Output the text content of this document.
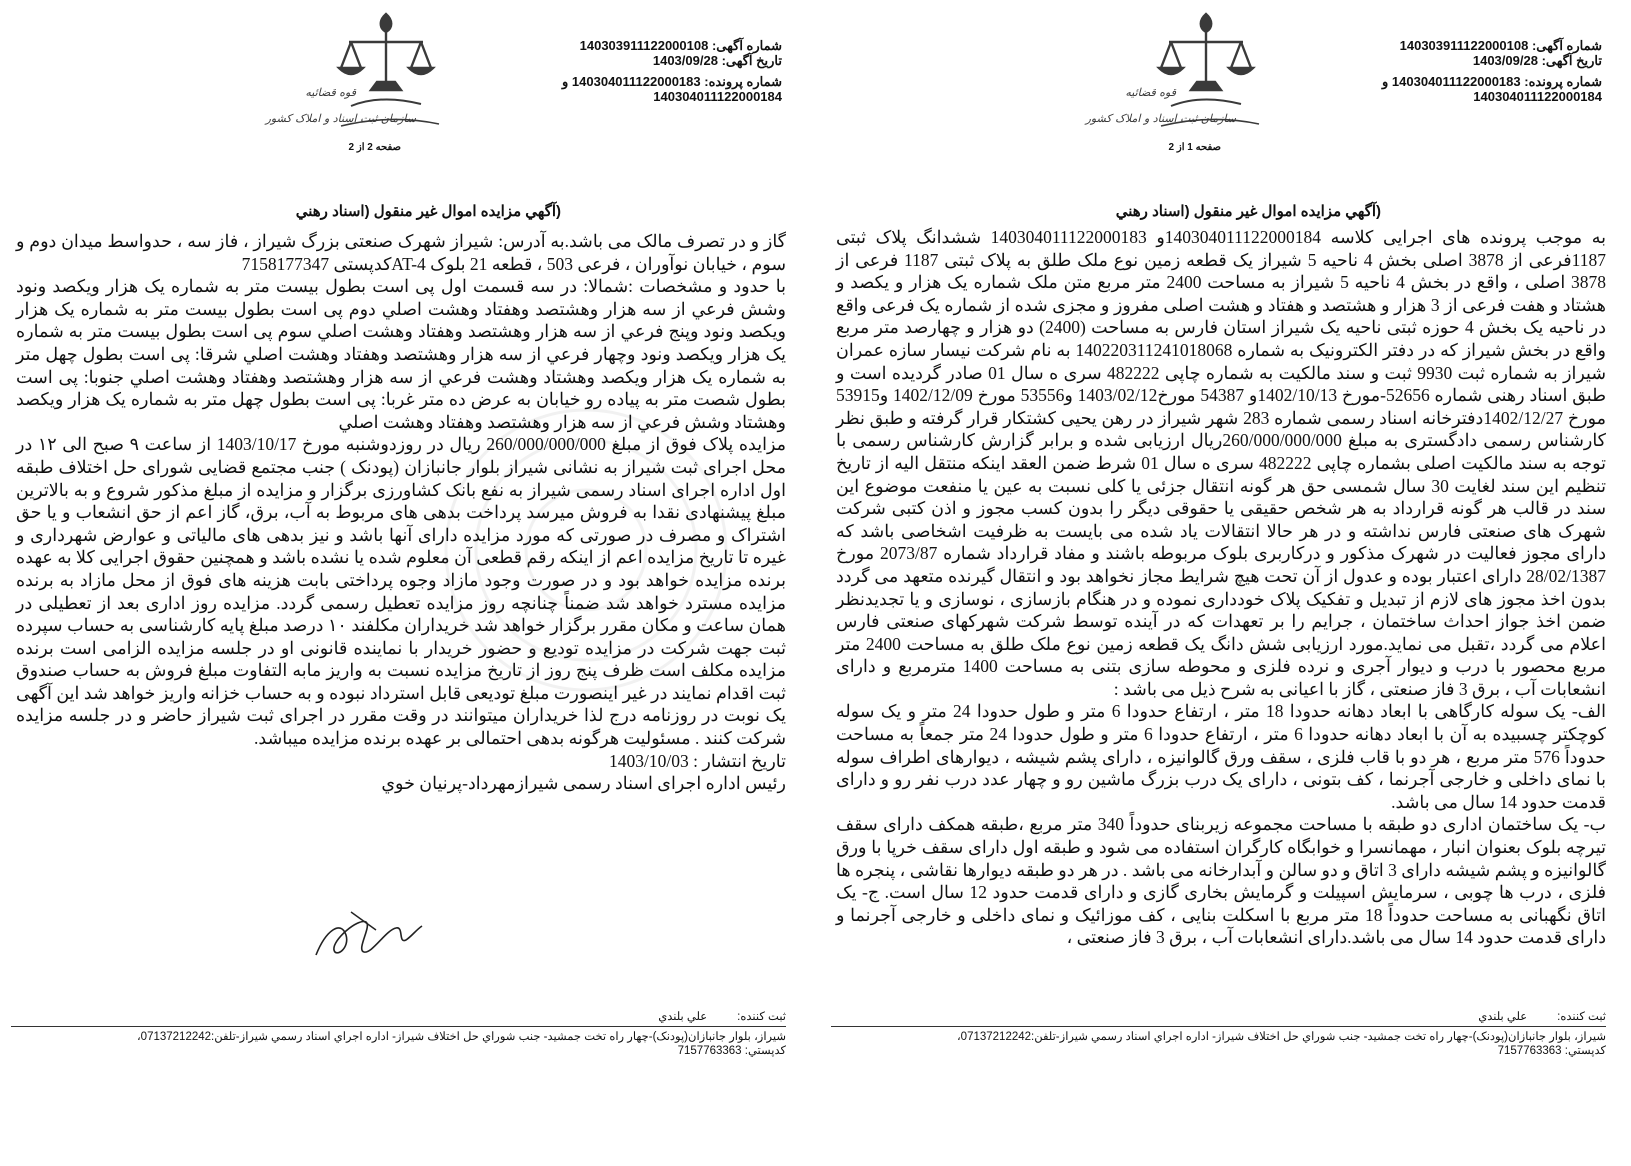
قوه قضائيه
سازمان ثبت اسناد و املاک کشور
شماره آگهی: 140303911122000108
تاريخ آگهی: 1403/09/28
شماره پرونده: 140304011122000183 و
140304011122000184
صفحه 2 از 2
(آگهي مزايده اموال غير منقول (اسناد رهني

گاز و در تصرف مالک می باشد.به آدرس: شيراز شهرک صنعتی بزرگ شيراز ، فاز سه ، حدواسط ميدان دوم و سوم ، خيابان نوآوران ، فرعی 503 ، قطعه 21 بلوک AT-4کدپستی 7158177347

با حدود و مشخصات :شمالا: در سه قسمت اول پی است بطول بيست متر به شماره يک هزار ويکصد ونود وشش فرعي از سه هزار وهشتصد وهفتاد وهشت اصلي دوم پی است بطول بيست متر به شماره يک هزار ويکصد ونود وپنج فرعي از سه هزار وهشتصد وهفتاد وهشت اصلي سوم پی است بطول بيست متر به شماره يک هزار ويکصد ونود وچهار فرعي از سه هزار وهشتصد وهفتاد وهشت اصلي شرقا: پی است بطول چهل متر به شماره يک هزار ويکصد وهشتاد وهشت فرعي از سه هزار وهشتصد وهفتاد وهشت اصلي جنوبا: پی است بطول شصت متر به پياده رو خيابان به عرض ده متر غربا: پی است بطول چهل متر به شماره يک هزار ويکصد وهشتاد وشش فرعي از سه هزار وهشتصد وهفتاد وهشت اصلي

مزايده پلاک فوق از مبلغ 260/000/000/000 ريال در روزدوشنبه مورخ 1403/10/17 از ساعت ۹ صبح الی ۱۲ در محل اجرای ثبت شيراز به نشانی شيراز بلوار جانبازان (پودنک ) جنب مجتمع قضايی شورای حل اختلاف طبقه اول اداره اجرای اسناد رسمی شيراز به نفع بانک کشاورزی برگزار و مزايده از مبلغ مذکور شروع و به بالاترين مبلغ پيشنهادی نقدا به فروش ميرسد پرداخت بدهی های مربوط به آب، برق، گاز اعم از حق انشعاب و يا حق اشتراک و مصرف در صورتی که مورد مزايده دارای آنها باشد و نيز بدهی های مالياتی و عوارض شهرداری و غيره تا تاريخ مزايده اعم از اينکه رقم قطعی آن معلوم شده يا نشده باشد و همچنين حقوق اجرايی کلا به عهده برنده مزايده خواهد بود و در صورت وجود مازاد وجوه پرداختی بابت هزينه های فوق از محل مازاد به برنده مزايده مسترد خواهد شد ضمناً چنانچه روز مزايده تعطيل رسمی گردد. مزايده روز اداری بعد از تعطيلی در همان ساعت و مکان مقرر برگزار خواهد شد خريداران مکلفند ۱۰ درصد مبلغ پايه کارشناسی به حساب سپرده ثبت جهت شرکت در مزايده توديع و حضور خريدار با نماينده قانونی او در جلسه مزايده الزامی است برنده مزايده مکلف است ظرف پنج روز از تاريخ مزايده نسبت به واريز مابه التفاوت مبلغ فروش به حساب صندوق ثبت اقدام نمايند در غير اينصورت مبلغ توديعی قابل استرداد نبوده و به حساب خزانه واريز خواهد شد اين آگهی يک نوبت در روزنامه درج لذا خريداران ميتوانند در وقت مقرر در اجرای ثبت شيراز حاضر و در جلسه مزايده شرکت کنند . مسئوليت هرگونه بدهی احتمالی بر عهده برنده مزايده ميباشد.

تاريخ انتشار : 1403/10/03

رئيس اداره اجرای اسناد رسمی شيرازمهرداد-پرنيان خوي

ثبت کننده:
علي بلندي
شيراز، بلوار جانبازان(پودنک)-چهار راه تخت جمشيد- جنب شوراي حل اختلاف شيراز- اداره اجراي اسناد رسمي شيراز-تلفن:07137212242،
كدپستي: 7157763363
قوه قضائيه
سازمان ثبت اسناد و املاک کشور
شماره آگهی: 140303911122000108
تاريخ آگهی: 1403/09/28
شماره پرونده: 140304011122000183 و
140304011122000184
صفحه 1 از 2
(آگهي مزايده اموال غير منقول (اسناد رهني

به موجب پرونده های اجرايی کلاسه 140304011122000184و 140304011122000183 ششدانگ پلاک ثبتی 1187فرعی از 3878 اصلی بخش 4 ناحيه 5 شيراز يک قطعه زمين نوع ملک طلق به پلاک ثبتی 1187 فرعی از 3878 اصلی ، واقع در بخش 4 ناحيه 5 شيراز به مساحت 2400 متر مربع متن ملک شماره يک هزار و يکصد و هشتاد و هفت فرعی از 3 هزار و هشتصد و هفتاد و هشت اصلی مفروز و مجزی شده از شماره يک فرعی واقع در ناحيه يک بخش 4 حوزه ثبتی ناحيه يک شيراز استان فارس به مساحت (2400) دو هزار و چهارصد متر مربع واقع در بخش شيراز که در دفتر الکترونيک به شماره 140220311241018068 به نام شرکت نيسار سازه عمران شيراز به شماره ثبت 9930 ثبت و سند مالکيت به شماره چاپی 482222 سری ه سال 01 صادر گرديده است و طبق اسناد رهنی شماره 52656-مورخ 1402/10/13و 54387 مورخ1403/02/12 و53556 مورخ 1402/12/09 و53915 مورخ 1402/12/27دفترخانه اسناد رسمی شماره 283 شهر شيراز در رهن يحيی کشتکار قرار گرفته و طبق نظر کارشناس رسمی دادگستری به مبلغ 260/000/000/000ريال ارزيابی شده و برابر گزارش کارشناس رسمی با توجه به سند مالکيت اصلی بشماره چاپی 482222 سری ه سال 01 شرط ضمن العقد اينکه منتقل اليه از تاريخ تنظيم اين سند لغايت 30 سال شمسی حق هر گونه انتقال جزئی يا کلی نسبت به عين يا منفعت موضوع اين سند در قالب هر گونه قرارداد به هر شخص حقيقی يا حقوقی ديگر را بدون کسب مجوز و اذن کتبی شرکت شهرک های صنعتی فارس نداشته و در هر حالا انتقالات ياد شده می بايست به ظرفيت اشخاصی باشد که دارای مجوز فعاليت در شهرک مذکور و درکاربری بلوک مربوطه باشند و مفاد قرارداد شماره 2073/87 مورخ 28/02/1387 دارای اعتبار بوده و عدول از آن تحت هيچ شرايط مجاز نخواهد بود و انتقال گيرنده متعهد می گردد بدون اخذ مجوز های لازم از تبديل و تفکيک پلاک خودداری نموده و در هنگام بازسازی ، نوسازی و يا تجديدنظر ضمن اخذ جواز احداث ساختمان ، جرايم را بر تعهدات که در آينده توسط شرکت شهرکهای صنعتی فارس اعلام می گردد ،تقبل می نمايد.مورد ارزيابی شش دانگ يک قطعه زمين نوع ملک طلق به مساحت 2400 متر مربع محصور با درب و ديوار آجری و نرده فلزی و محوطه سازی بتنی به مساحت 1400 مترمربع و دارای انشعابات آب ، برق 3 فاز صنعتی ، گاز با اعيانی به شرح ذيل می باشد :

الف- يک سوله کارگاهی با ابعاد دهانه حدودا 18 متر ، ارتفاع حدودا 6 متر و طول حدودا 24 متر و يک سوله کوچکتر چسبيده به آن با ابعاد دهانه حدودا 6 متر ، ارتفاع حدودا 6 متر و طول حدودا 24 متر جمعاً به مساحت حدوداً 576 متر مربع ، هر دو با قاب فلزی ، سقف ورق گالوانيزه ، دارای پشم شيشه ، ديوارهای اطراف سوله با نمای داخلی و خارجی آجرنما ، کف بتونی ، دارای يک درب بزرگ ماشين رو و چهار عدد درب نفر رو و دارای قدمت حدود 14 سال می باشد.

ب- يک ساختمان اداری دو طبقه با مساحت مجموعه زيربنای حدوداً 340 متر مربع ،طبقه همکف دارای سقف تيرچه بلوک بعنوان انبار ، مهمانسرا و خوابگاه کارگران استفاده می شود و طبقه اول دارای سقف خرپا با ورق گالوانيزه و پشم شيشه دارای 3 اتاق و دو سالن و آبدارخانه می باشد . در هر دو طبقه ديوارها نقاشی ، پنجره ها فلزی ، درب ها چوبی ، سرمايش اسپيلت و گرمايش بخاری گازی و دارای قدمت حدود 12 سال است. ج- يک اتاق نگهبانی به مساحت حدوداً 18 متر مربع با اسکلت بنايی ، کف موزائيک و نمای داخلی و خارجی آجرنما و دارای قدمت حدود 14 سال می باشد.دارای انشعابات آب ، برق 3 فاز صنعتی ،

ثبت کننده:
علي بلندي
شيراز، بلوار جانبازان(پودنک)-چهار راه تخت جمشيد- جنب شوراي حل اختلاف شيراز- اداره اجراي اسناد رسمي شيراز-تلفن:07137212242،
كدپستي: 7157763363
